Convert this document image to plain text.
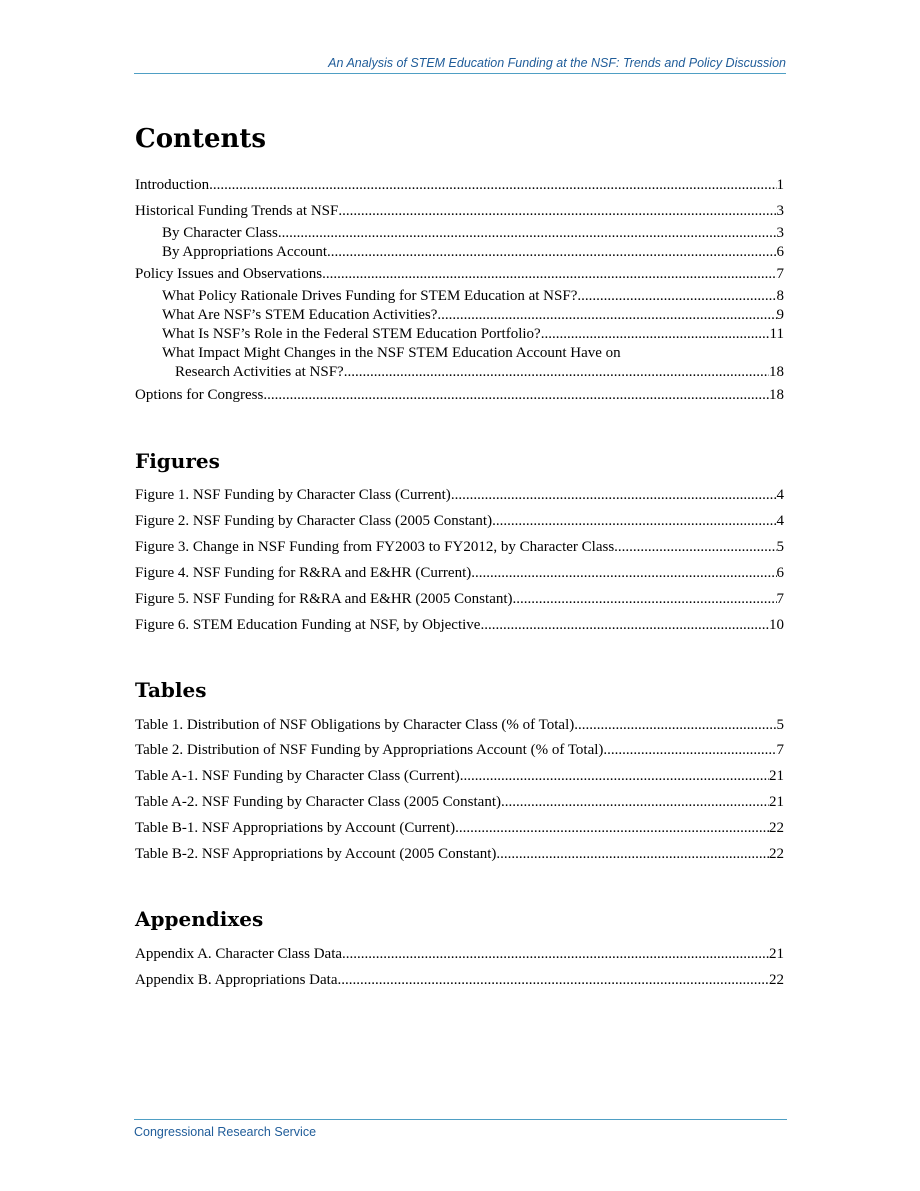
An Analysis of STEM Education Funding at the NSF: Trends and Policy Discussion
Contents
Introduction .....	1
Historical Funding Trends at NSF .....	3
By Character Class .....	3
By Appropriations Account .....	6
Policy Issues and Observations .....	7
What Policy Rationale Drives Funding for STEM Education at NSF? .....	8
What Are NSF’s STEM Education Activities? .....	9
What Is NSF’s Role in the Federal STEM Education Portfolio? .....	11
What Impact Might Changes in the NSF STEM Education Account Have on
Research Activities at NSF? .....	18
Options for Congress .....	18
Figures
Figure 1. NSF Funding by Character Class (Current) .....	4
Figure 2. NSF Funding by Character Class (2005 Constant) .....	4
Figure 3. Change in NSF Funding from FY2003 to FY2012, by Character Class .....	5
Figure 4. NSF Funding for R&RA and E&HR (Current) .....	6
Figure 5. NSF Funding for R&RA and E&HR (2005 Constant) .....	7
Figure 6. STEM Education Funding at NSF, by Objective .....	10
Tables
Table 1. Distribution of NSF Obligations by Character Class (% of Total) .....	5
Table 2. Distribution of NSF Funding by Appropriations Account (% of Total) .....	7
Table A-1. NSF Funding by Character Class (Current) .....	21
Table A-2. NSF Funding by Character Class (2005 Constant) .....	21
Table B-1. NSF Appropriations by Account (Current) .....	22
Table B-2. NSF Appropriations by Account (2005 Constant) .....	22
Appendixes
Appendix A. Character Class Data .....	21
Appendix B. Appropriations Data .....	22
Congressional Research Service
